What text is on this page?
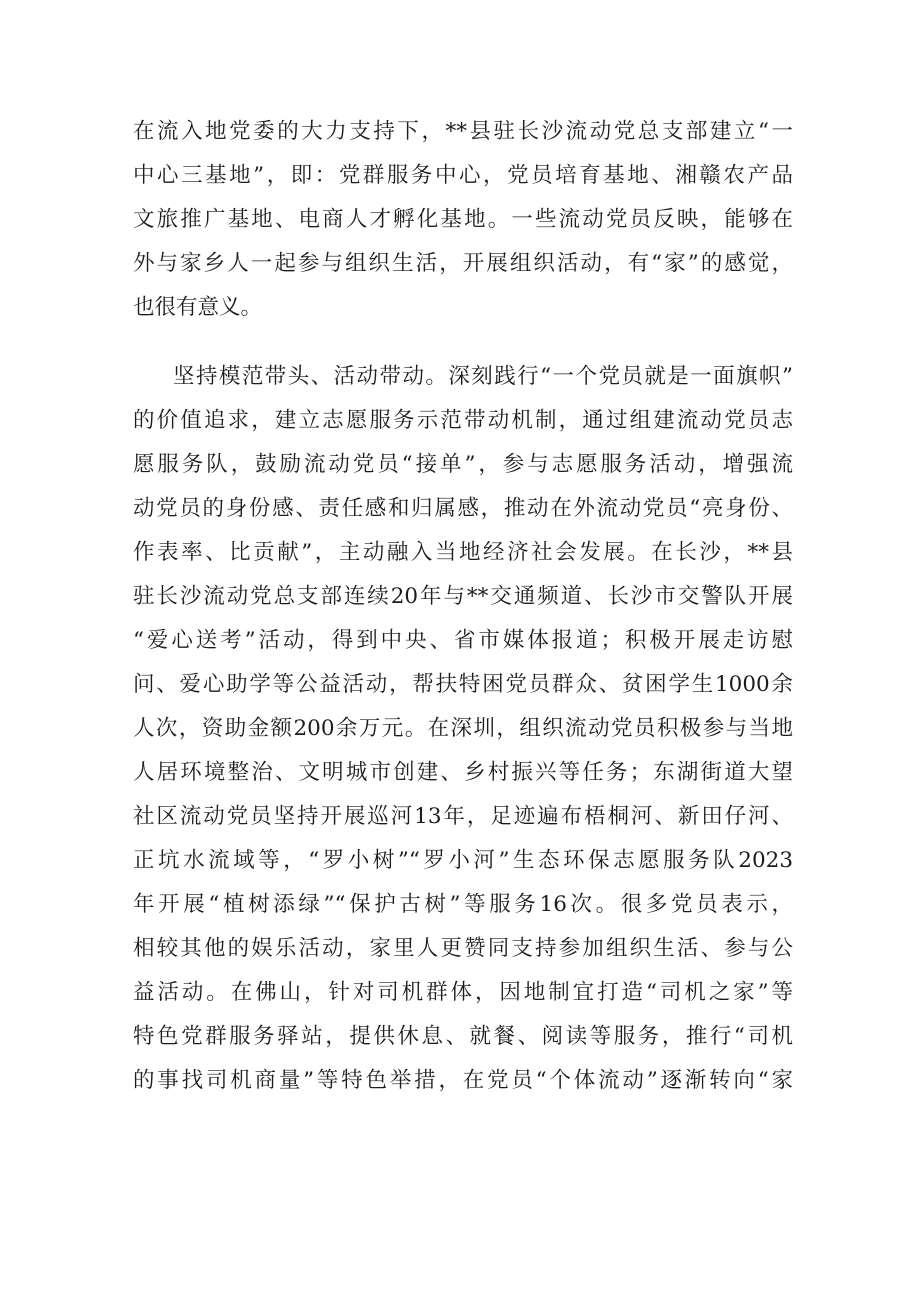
在流入地党委的大力支持下，**县驻长沙流动党总支部建立“一
中心三基地”，即：党群服务中心，党员培育基地、湘赣农产品
文旅推广基地、电商人才孵化基地。一些流动党员反映，能够在
外与家乡人一起参与组织生活，开展组织活动，有“家”的感觉，
也很有意义。
坚持模范带头、活动带动。深刻践行“一个党员就是一面旗帜”
的价值追求，建立志愿服务示范带动机制，通过组建流动党员志
愿服务队，鼓励流动党员“接单”，参与志愿服务活动，增强流
动党员的身份感、责任感和归属感，推动在外流动党员“亮身份、
作表率、比贡献”，主动融入当地经济社会发展。在长沙，**县
驻长沙流动党总支部连续20年与**交通频道、长沙市交警队开展
“爱心送考”活动，得到中央、省市媒体报道；积极开展走访慰
问、爱心助学等公益活动，帮扶特困党员群众、贫困学生1000余
人次，资助金额200余万元。在深圳，组织流动党员积极参与当地
人居环境整治、文明城市创建、乡村振兴等任务；东湖街道大望
社区流动党员坚持开展巡河13年，足迹遍布梧桐河、新田仔河、
正坑水流域等，“罗小树”“罗小河”生态环保志愿服务队2023
年开展“植树添绿”“保护古树”等服务16次。很多党员表示，
相较其他的娱乐活动，家里人更赞同支持参加组织生活、参与公
益活动。在佛山，针对司机群体，因地制宜打造“司机之家”等
特色党群服务驿站，提供休息、就餐、阅读等服务，推行“司机
的事找司机商量”等特色举措，在党员“个体流动”逐渐转向“家
